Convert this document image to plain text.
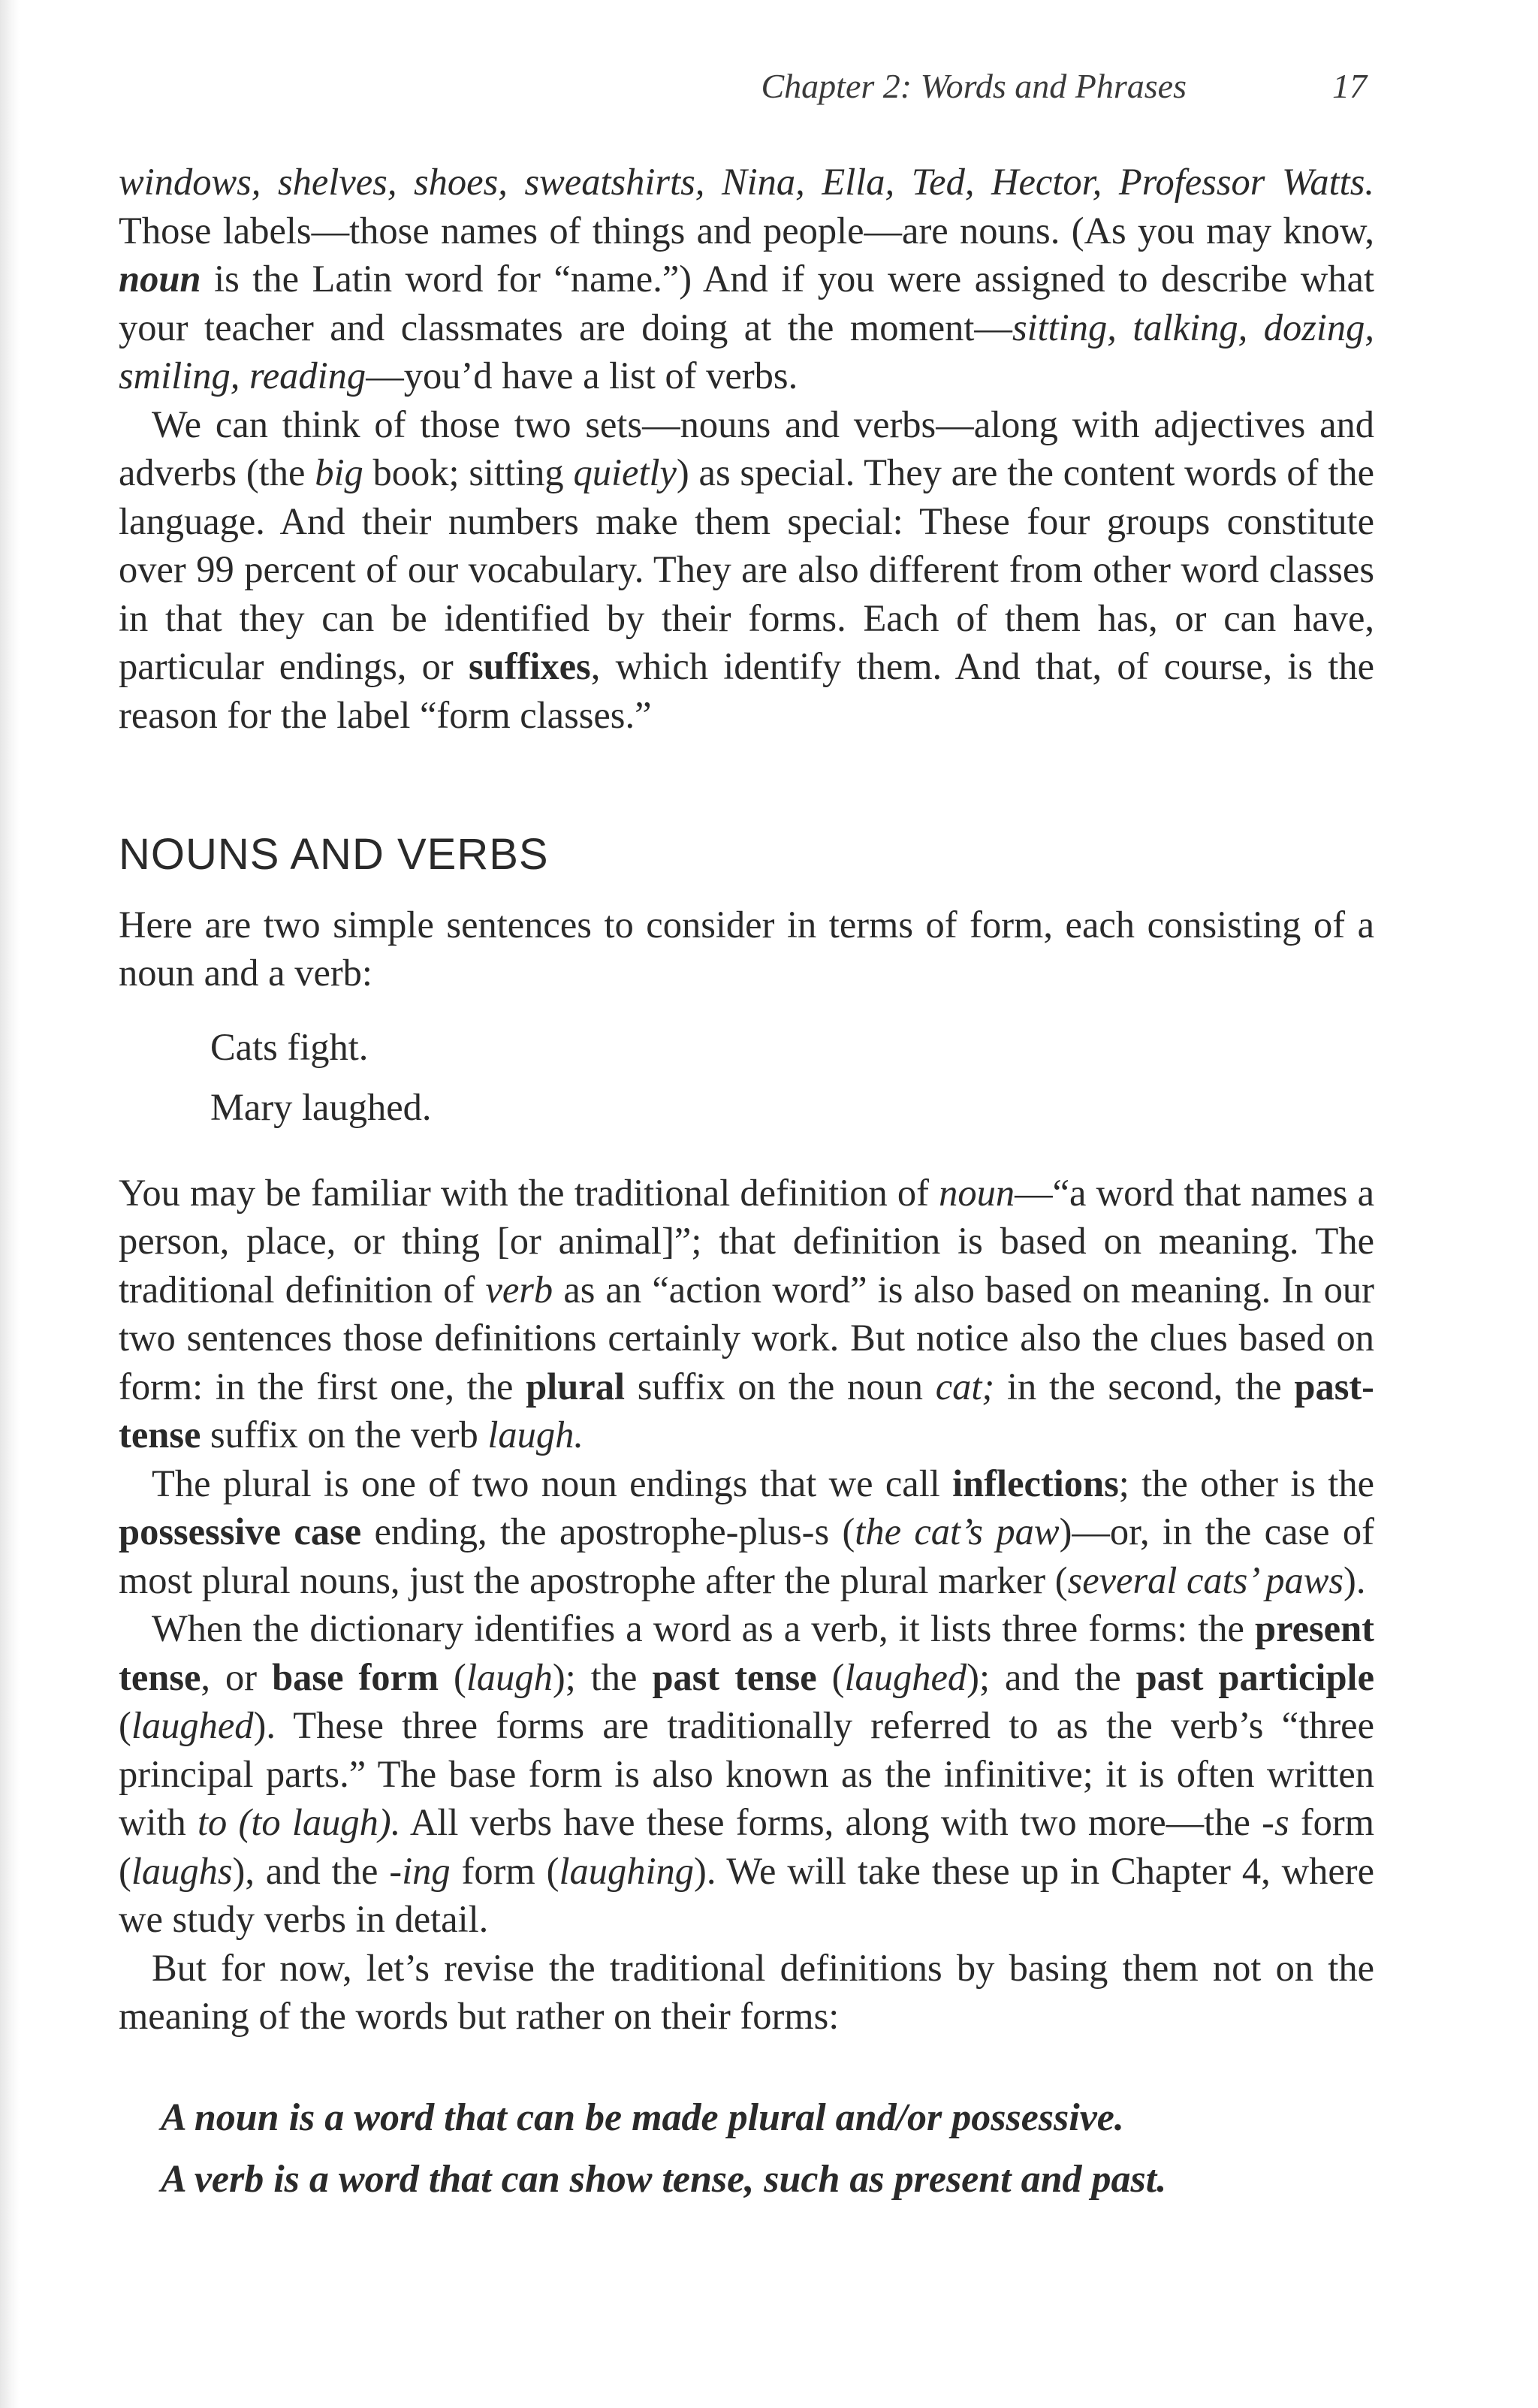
Chapter 2: Words and Phrases	17

windows, shelves, shoes, sweatshirts, Nina, Ella, Ted, Hector, Professor Watts. Those labels—those names of things and people—are nouns. (As you may know, noun is the Latin word for “name.”) And if you were assigned to describe what your teacher and classmates are doing at the moment—sitting, talking, dozing, smiling, reading—you’d have a list of verbs.

We can think of those two sets—nouns and verbs—along with adjectives and adverbs (the big book; sitting quietly) as special. They are the content words of the language. And their numbers make them special: These four groups constitute over 99 percent of our vocabulary. They are also different from other word classes in that they can be identified by their forms. Each of them has, or can have, particular endings, or suffixes, which identify them. And that, of course, is the reason for the label “form classes.”

NOUNS AND VERBS

Here are two simple sentences to consider in terms of form, each consisting of a noun and a verb:

Cats fight.
Mary laughed.

You may be familiar with the traditional definition of noun—“a word that names a person, place, or thing [or animal]”; that definition is based on meaning. The traditional definition of verb as an “action word” is also based on meaning. In our two sentences those definitions certainly work. But notice also the clues based on form: in the first one, the plural suffix on the noun cat; in the second, the past-tense suffix on the verb laugh.

The plural is one of two noun endings that we call inflections; the other is the possessive case ending, the apostrophe-plus-s (the cat’s paw)—or, in the case of most plural nouns, just the apostrophe after the plural marker (several cats’ paws).

When the dictionary identifies a word as a verb, it lists three forms: the present tense, or base form (laugh); the past tense (laughed); and the past participle (laughed). These three forms are traditionally referred to as the verb’s “three principal parts.” The base form is also known as the infinitive; it is often written with to (to laugh). All verbs have these forms, along with two more—the -s form (laughs), and the -ing form (laughing). We will take these up in Chapter 4, where we study verbs in detail.

But for now, let’s revise the traditional definitions by basing them not on the meaning of the words but rather on their forms:

A noun is a word that can be made plural and/or possessive.
A verb is a word that can show tense, such as present and past.
